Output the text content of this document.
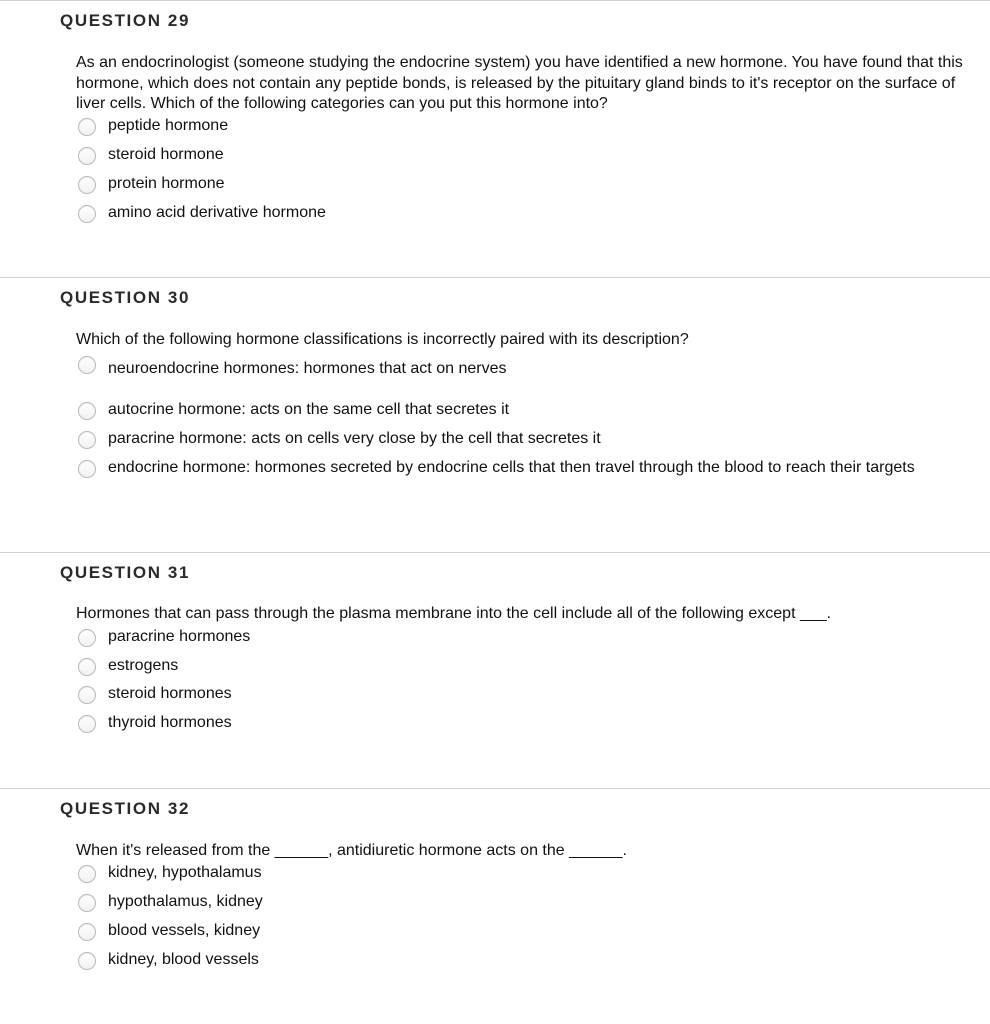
QUESTION 29
As an endocrinologist (someone studying the endocrine system) you have identified a new hormone. You have found that this hormone, which does not contain any peptide bonds, is released by the pituitary gland binds to it's receptor on the surface of liver cells. Which of the following categories can you put this hormone into?
peptide hormone
steroid hormone
protein hormone
amino acid derivative hormone
QUESTION 30
Which of the following hormone classifications is incorrectly paired with its description?
neuroendocrine hormones: hormones that act on nerves
autocrine hormone: acts on the same cell that secretes it
paracrine hormone: acts on cells very close by the cell that secretes it
endocrine hormone: hormones secreted by endocrine cells that then travel through the blood to reach their targets
QUESTION 31
Hormones that can pass through the plasma membrane into the cell include all of the following except ___.
paracrine hormones
estrogens
steroid hormones
thyroid hormones
QUESTION 32
When it's released from the ______, antidiuretic hormone acts on the ______.
kidney, hypothalamus
hypothalamus, kidney
blood vessels, kidney
kidney, blood vessels
